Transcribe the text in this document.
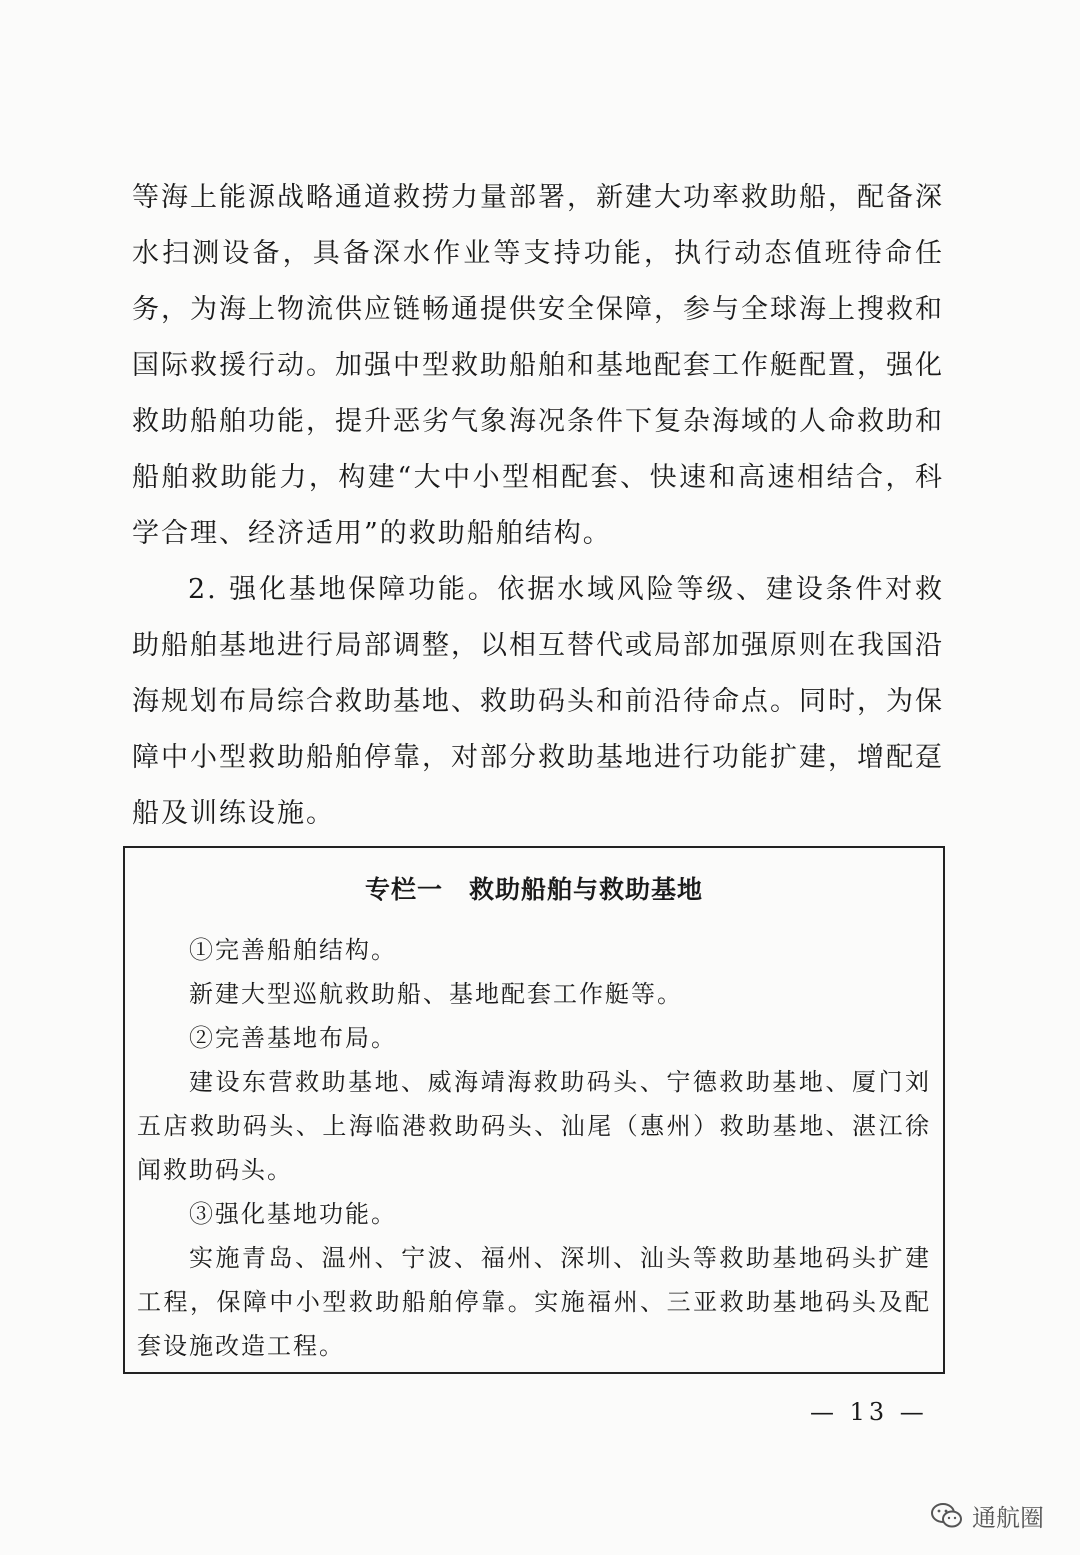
等海上能源战略通道救捞力量部署，新建大功率救助船，配备深水扫测设备，具备深水作业等支持功能，执行动态值班待命任务，为海上物流供应链畅通提供安全保障，参与全球海上搜救和国际救援行动。加强中型救助船舶和基地配套工作艇配置，强化救助船舶功能，提升恶劣气象海况条件下复杂海域的人命救助和船舶救助能力，构建“大中小型相配套、快速和高速相结合，科学合理、经济适用”的救助船舶结构。

2. 强化基地保障功能。依据水域风险等级、建设条件对救助船舶基地进行局部调整，以相互替代或局部加强原则在我国沿海规划布局综合救助基地、救助码头和前沿待命点。同时，为保障中小型救助船舶停靠，对部分救助基地进行功能扩建，增配趸船及训练设施。

专栏一 救助船舶与救助基地

①完善船舶结构。

新建大型巡航救助船、基地配套工作艇等。

②完善基地布局。

建设东营救助基地、威海靖海救助码头、宁德救助基地、厦门刘五店救助码头、上海临港救助码头、汕尾（惠州）救助基地、湛江徐闻救助码头。

③强化基地功能。

实施青岛、温州、宁波、福州、深圳、汕头等救助基地码头扩建工程，保障中小型救助船舶停靠。实施福州、三亚救助基地码头及配套设施改造工程。

— 13 —
通航圈
